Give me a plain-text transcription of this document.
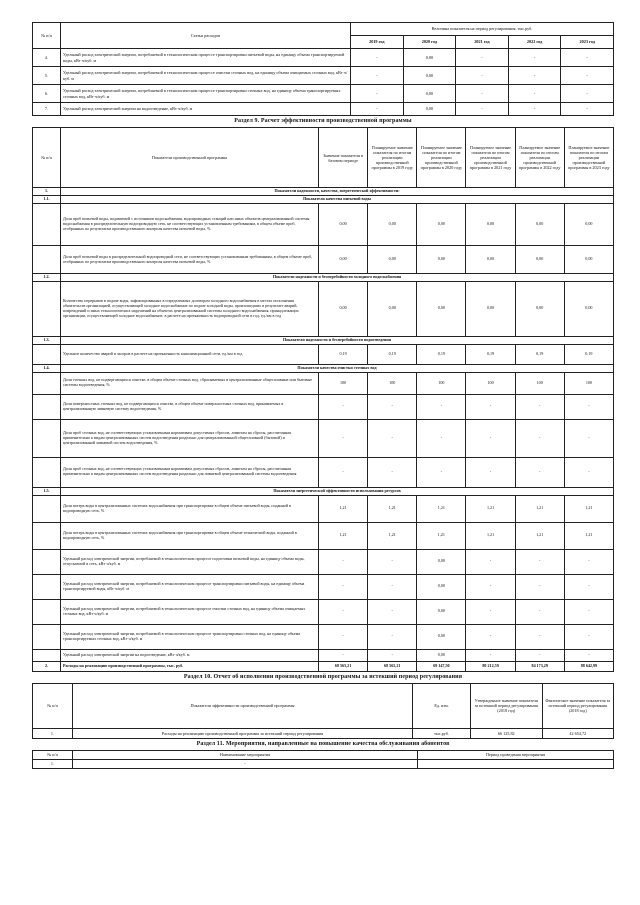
№ п/п	Статьи расходов	Величина показателя на период регулирования, тыс.руб.				
		2019 год	2020 год	2021 год	2022 год	2023 год
4.	Удельный расход электрической энергии, потребляемой в технологическом процессе транспортировки питьевой воды, на единицу объема транспортируемой воды, кВт·ч/куб. м	-	0,00	-	-	-
5.	Удельный расход электрической энергии, потребляемой в технологическом процессе очистки сточных вод, на единицу объема очищаемых сточных вод, кВт·ч/куб. м	-	0,00	-	-	-
6.	Удельный расход электрической энергии, потребляемой в технологическом процессе транспортировки сточных вод, на единицу объема транспортируемых сточных вод, кВт·ч/куб. м	-	0,00	-	-	-
7.	Удельный расход электрической энергии на водоотведение, кВт·ч/куб. м	-	0,00	-	-	-
Раздел 9. Расчет эффективности производственной программы
№ п/п	Показатели производственной программы	Значение показателя в базовом периоде	Планируемое значение показателя по итогам реализации производственной программы в 2019 году	Планируемое значение показателя по итогам реализации производственной программы в 2020 году	Планируемое значение показателя по итогам реализации производственной программы в 2021 году	Планируемое значение показателя по итогам реализации производственной программы в 2022 году	Планируемое значение показателя по итогам реализации производственной программы в 2023 году
1.	Показатели надежности, качества, энергетической эффективности:						
1.1.	Показатели качества питьевой воды						
	Доля проб питьевой воды, подаваемой с источников водоснабжения, водопроводных станций или иных объектов централизованной системы водоснабжения в распределительную водопроводную сеть, не соответствующих установленным требованиям, в общем объеме проб, отобранных по результатам производственного контроля качества питьевой воды, %	0,00	0,00	0,00	0,00	0,00	0,00
	Доля проб питьевой воды в распределительной водопроводной сети, не соответствующих установленным требованиям, в общем объеме проб, отобранных по результатам производственного контроля качества питьевой воды, %	0,00	0,00	0,00	0,00	0,00	0,00
1.2.	Показатели надежности и бесперебойности холодного водоснабжения						
	Количество перерывов в подаче воды, зафиксированных в определенных договором холодного водоснабжения в местах исполнения обязательств организацией, осуществляющей холодное водоснабжение по подаче холодной воды, произошедших в результате аварий, повреждений и иных технологических нарушений на объектах централизованной системы холодного водоснабжения, принадлежащих организации, осуществляющей холодное водоснабжение, в расчете на протяженность водопроводной сети в год, ед./км в год	0,00	0,00	0,00	0,00	0,00	0,00
1.3.	Показатели надежности и бесперебойности водоотведения						
	Удельное количество аварий и засоров в расчете на протяженность канализационной сети, ед./км в год	0,19	0,19	0,19	0,19	0,19	0,19
1.4.	Показатели качества очистки сточных вод						
	Доля сточных вод, не подвергающихся очистке, в общем объеме сточных вод, сбрасываемых в централизованные общесплавные или бытовые системы водоотведения, %	100	100	100	100	100	100
	Доля поверхностных сточных вод, не подвергающихся очистке, в общем объеме поверхностных сточных вод, принимаемых в централизованную ливневую систему водоотведения, %	-	-	-	-	-	-
	Доля проб сточных вод, не соответствующих установленным нормативам допустимых сбросов, лимитам на сбросы, рассчитанная применительно к видам централизованных систем водоотведения раздельно для централизованной общесплавной (бытовой) и централизованной ливневой систем водоотведения, %	-	-	-	-	-	-
	Доля проб сточных вод, не соответствующих установленным нормативам допустимых сбросов, лимитам на сбросы, рассчитанная применительно к видам централизованных систем водоотведения раздельно для ливневой централизованной системы водоотведения	-	-	-	-	-	-
1.5.	Показатели энергетической эффективности использования ресурсов						
	Доля потерь воды в централизованных системах водоснабжения при транспортировке в общем объеме питьевой воды, поданной в водопроводную сеть, %	1,21	1,21	1,21	1,21	1,21	1,21
	Доля потерь воды в централизованных системах водоснабжения при транспортировке в общем объеме технической воды, поданной в водопроводную сеть, %	1,21	1,21	1,21	1,21	1,21	1,21
	Удельный расход электрической энергии, потребляемой в технологическом процессе подготовки питьевой воды, на единицу объема воды, отпускаемой в сеть, кВт·ч/куб. м	-	-	0,00	-	-	-
	Удельный расход электрической энергии, потребляемой в технологическом процессе транспортировки питьевой воды, на единицу объема транспортируемой воды, кВт·ч/куб. м	-	-	0,00	-	-	-
	Удельный расход электрической энергии, потребляемой в технологическом процессе очистки сточных вод, на единицу объема очищаемых сточных вод, кВт·ч/куб. м	-	-	0,00	-	-	-
	Удельный расход электрической энергии, потребляемой в технологическом процессе транспортировки сточных вод, на единицу объема транспортируемых сточных вод, кВт·ч/куб. м	-	-	0,00	-	-	-
	Удельный расход электрической энергии на водоотведение, кВт·ч/куб. м	-	-	0,00	-	-	-
2.	Расходы на реализацию производственной программы, тыс. руб.	68 565,21	68 565,21	69 147,50	80 212,59	84 173,29	88 642,99
Раздел 10. Отчет об исполнении производственной программы за истекший период регулирования
№ п/п	Показатели эффективности производственной программы	Ед. изм.	Утвержденное значение показателя за истекший период регулирования (2018 год)	Фактическое значение показателя за истекший период регулирования (2018 год)
1.	Расходы на реализацию производственной программы за истекший период регулирования	тыс.руб.	66 125,82	42 654,72
Раздел 11. Мероприятия, направленные на повышение качества обслуживания абонентов
№ п/п	Наименование мероприятия	Период проведения мероприятия
1.	-	
